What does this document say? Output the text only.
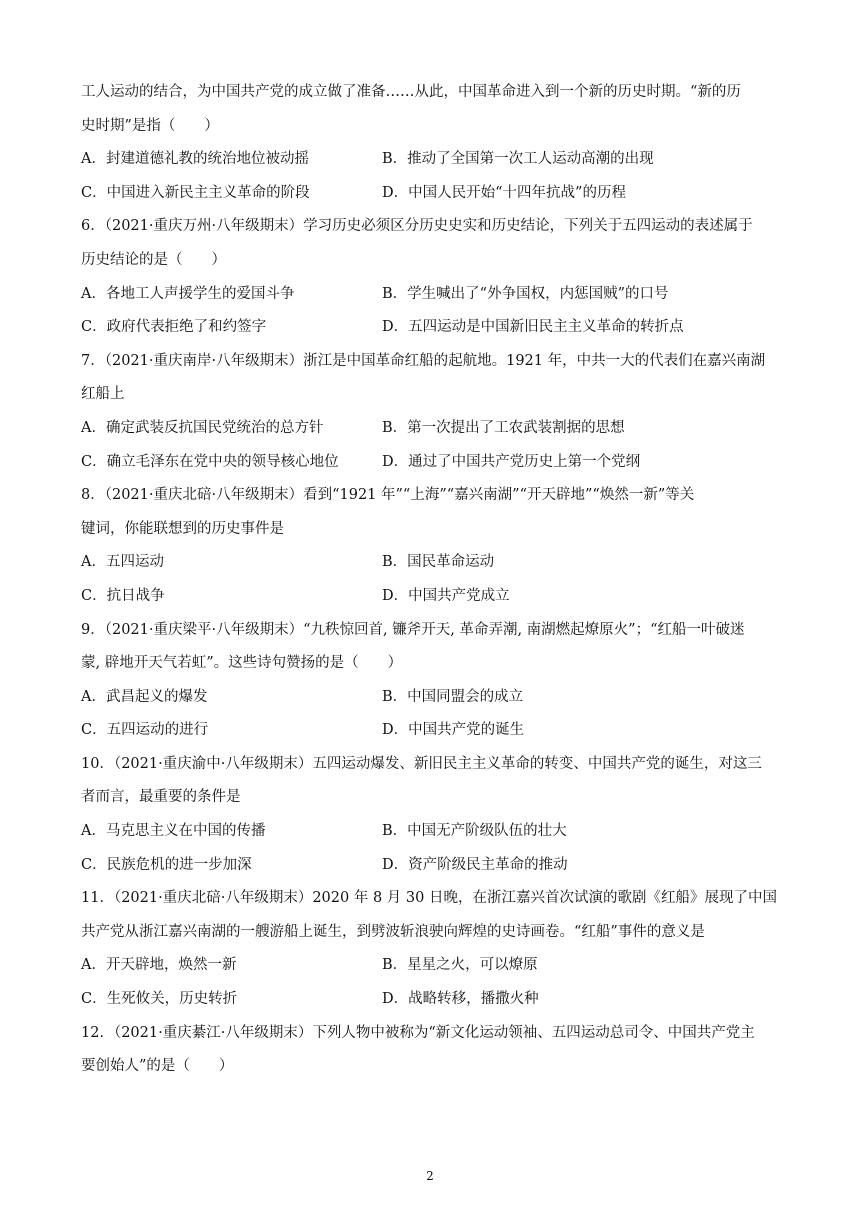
工人运动的结合，为中国共产党的成立做了准备……从此，中国革命进入到一个新的历史时期。“新的历
史时期”是指（　　）
A．封建道德礼教的统治地位被动摇	B．推动了全国第一次工人运动高潮的出现
C．中国进入新民主主义革命的阶段	D．中国人民开始“十四年抗战”的历程
6．（2021·重庆万州·八年级期末）学习历史必须区分历史史实和历史结论，下列关于五四运动的表述属于
历史结论的是（　　）
A．各地工人声援学生的爱国斗争	B．学生喊出了“外争国权，内惩国贼”的口号
C．政府代表拒绝了和约签字	D．五四运动是中国新旧民主主义革命的转折点
7．（2021·重庆南岸·八年级期末）浙江是中国革命红船的起航地。1921 年，中共一大的代表们在嘉兴南湖
红船上
A．确定武装反抗国民党统治的总方针	B．第一次提出了工农武装割据的思想
C．确立毛泽东在党中央的领导核心地位	D．通过了中国共产党历史上第一个党纲
8．（2021·重庆北碚·八年级期末）看到“1921 年”“上海”“嘉兴南湖”“开天辟地”“焕然一新”等关
键词，你能联想到的历史事件是
A．五四运动	B．国民革命运动
C．抗日战争	D．中国共产党成立
9．（2021·重庆梁平·八年级期末）“九秩惊回首, 镰斧开天, 革命弄潮, 南湖燃起燎原火”；“红船一叶破迷
蒙, 辟地开天气若虹”。这些诗句赞扬的是（　　）
A．武昌起义的爆发	B．中国同盟会的成立
C．五四运动的进行	D．中国共产党的诞生
10．（2021·重庆渝中·八年级期末）五四运动爆发、新旧民主主义革命的转变、中国共产党的诞生，对这三
者而言，最重要的条件是
A．马克思主义在中国的传播	B．中国无产阶级队伍的壮大
C．民族危机的进一步加深	D．资产阶级民主革命的推动
11．（2021·重庆北碚·八年级期末）2020 年 8 月 30 日晚，在浙江嘉兴首次试演的歌剧《红船》展现了中国
共产党从浙江嘉兴南湖的一艘游船上诞生，到劈波斩浪驶向辉煌的史诗画卷。“红船”事件的意义是
A．开天辟地，焕然一新	B．星星之火，可以燎原
C．生死攸关，历史转折	D．战略转移，播撒火种
12．（2021·重庆綦江·八年级期末）下列人物中被称为“新文化运动领袖、五四运动总司令、中国共产党主
要创始人”的是（　　）
2
